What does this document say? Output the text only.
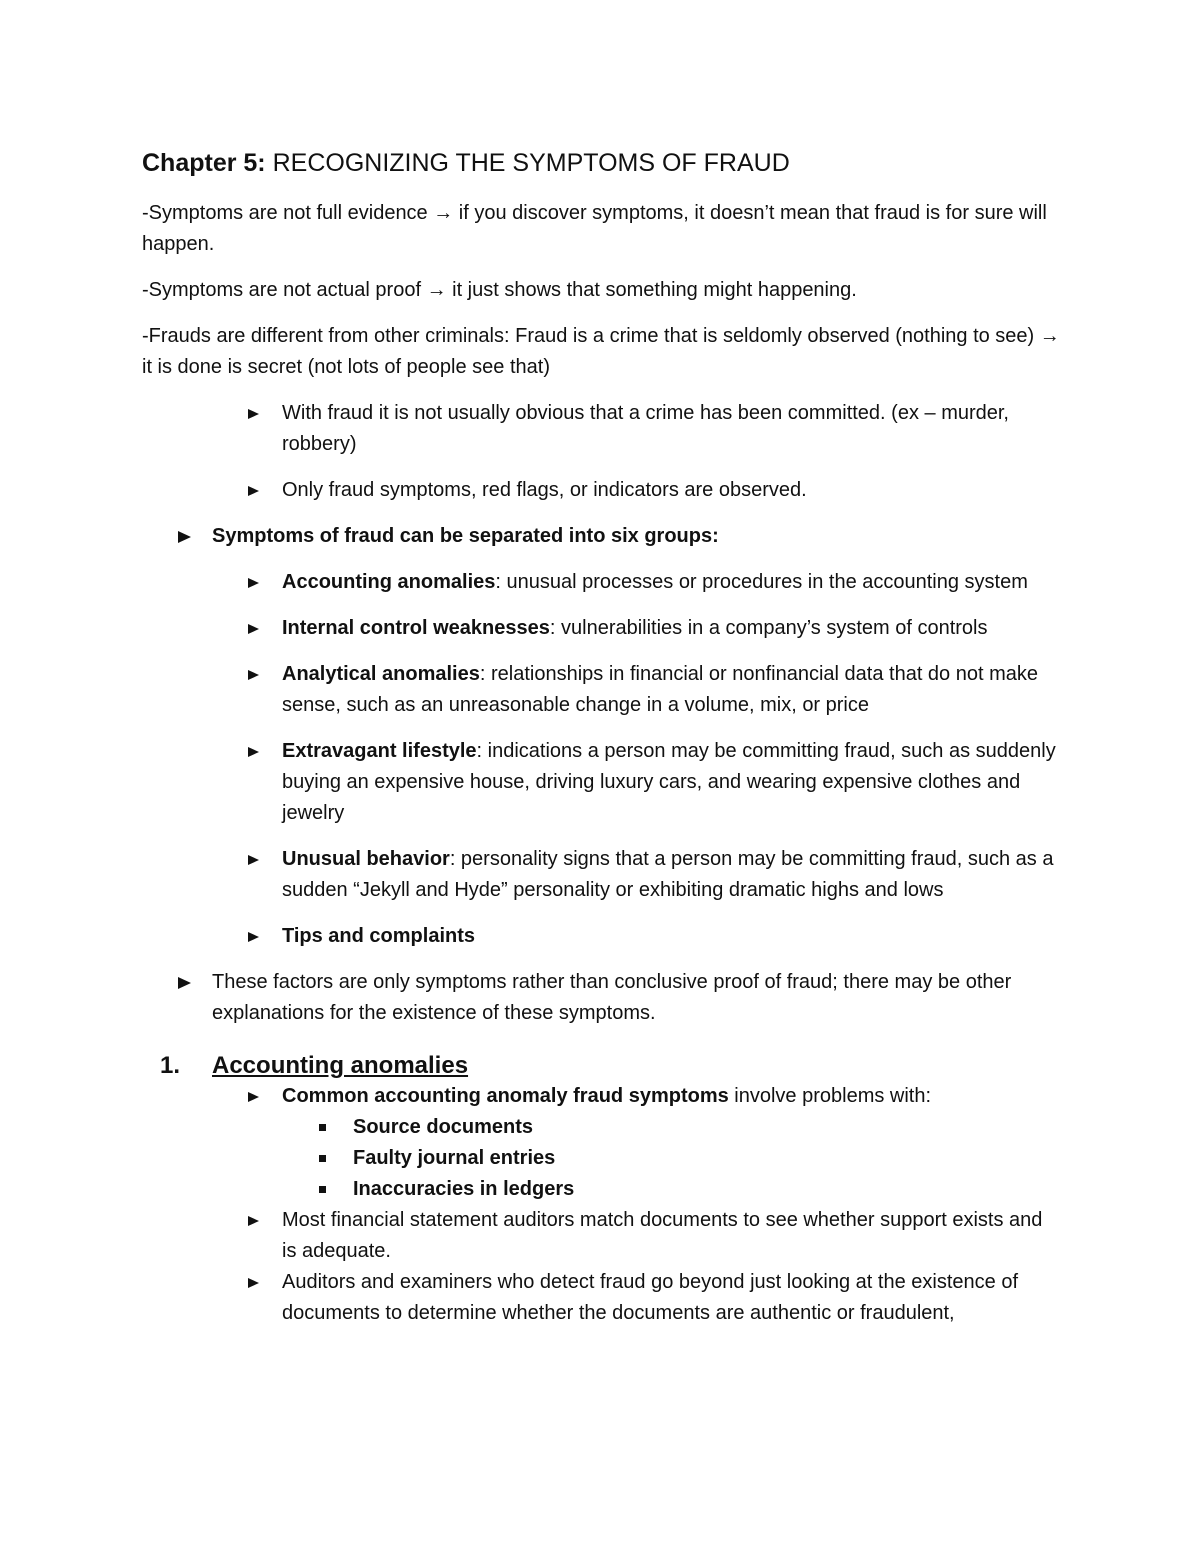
Chapter 5: RECOGNIZING THE SYMPTOMS OF FRAUD

-Symptoms are not full evidence → if you discover symptoms, it doesn’t mean that fraud is for sure will happen.

-Symptoms are not actual proof → it just shows that something might happening.

-Frauds are different from other criminals: Fraud is a crime that is seldomly observed (nothing to see) → it is done is secret (not lots of people see that)

With fraud it is not usually obvious that a crime has been committed. (ex – murder, robbery)
Only fraud symptoms, red flags, or indicators are observed.
Symptoms of fraud can be separated into six groups:
Accounting anomalies: unusual processes or procedures in the accounting system
Internal control weaknesses: vulnerabilities in a company’s system of controls
Analytical anomalies: relationships in financial or nonfinancial data that do not make sense, such as an unreasonable change in a volume, mix, or price
Extravagant lifestyle: indications a person may be committing fraud, such as suddenly buying an expensive house, driving luxury cars, and wearing expensive clothes and jewelry
Unusual behavior: personality signs that a person may be committing fraud, such as a sudden “Jekyll and Hyde” personality or exhibiting dramatic highs and lows
Tips and complaints
These factors are only symptoms rather than conclusive proof of fraud; there may be other explanations for the existence of these symptoms.
1. Accounting anomalies
Common accounting anomaly fraud symptoms involve problems with:
Source documents
Faulty journal entries
Inaccuracies in ledgers
Most financial statement auditors match documents to see whether support exists and is adequate.
Auditors and examiners who detect fraud go beyond just looking at the existence of documents to determine whether the documents are authentic or fraudulent,
